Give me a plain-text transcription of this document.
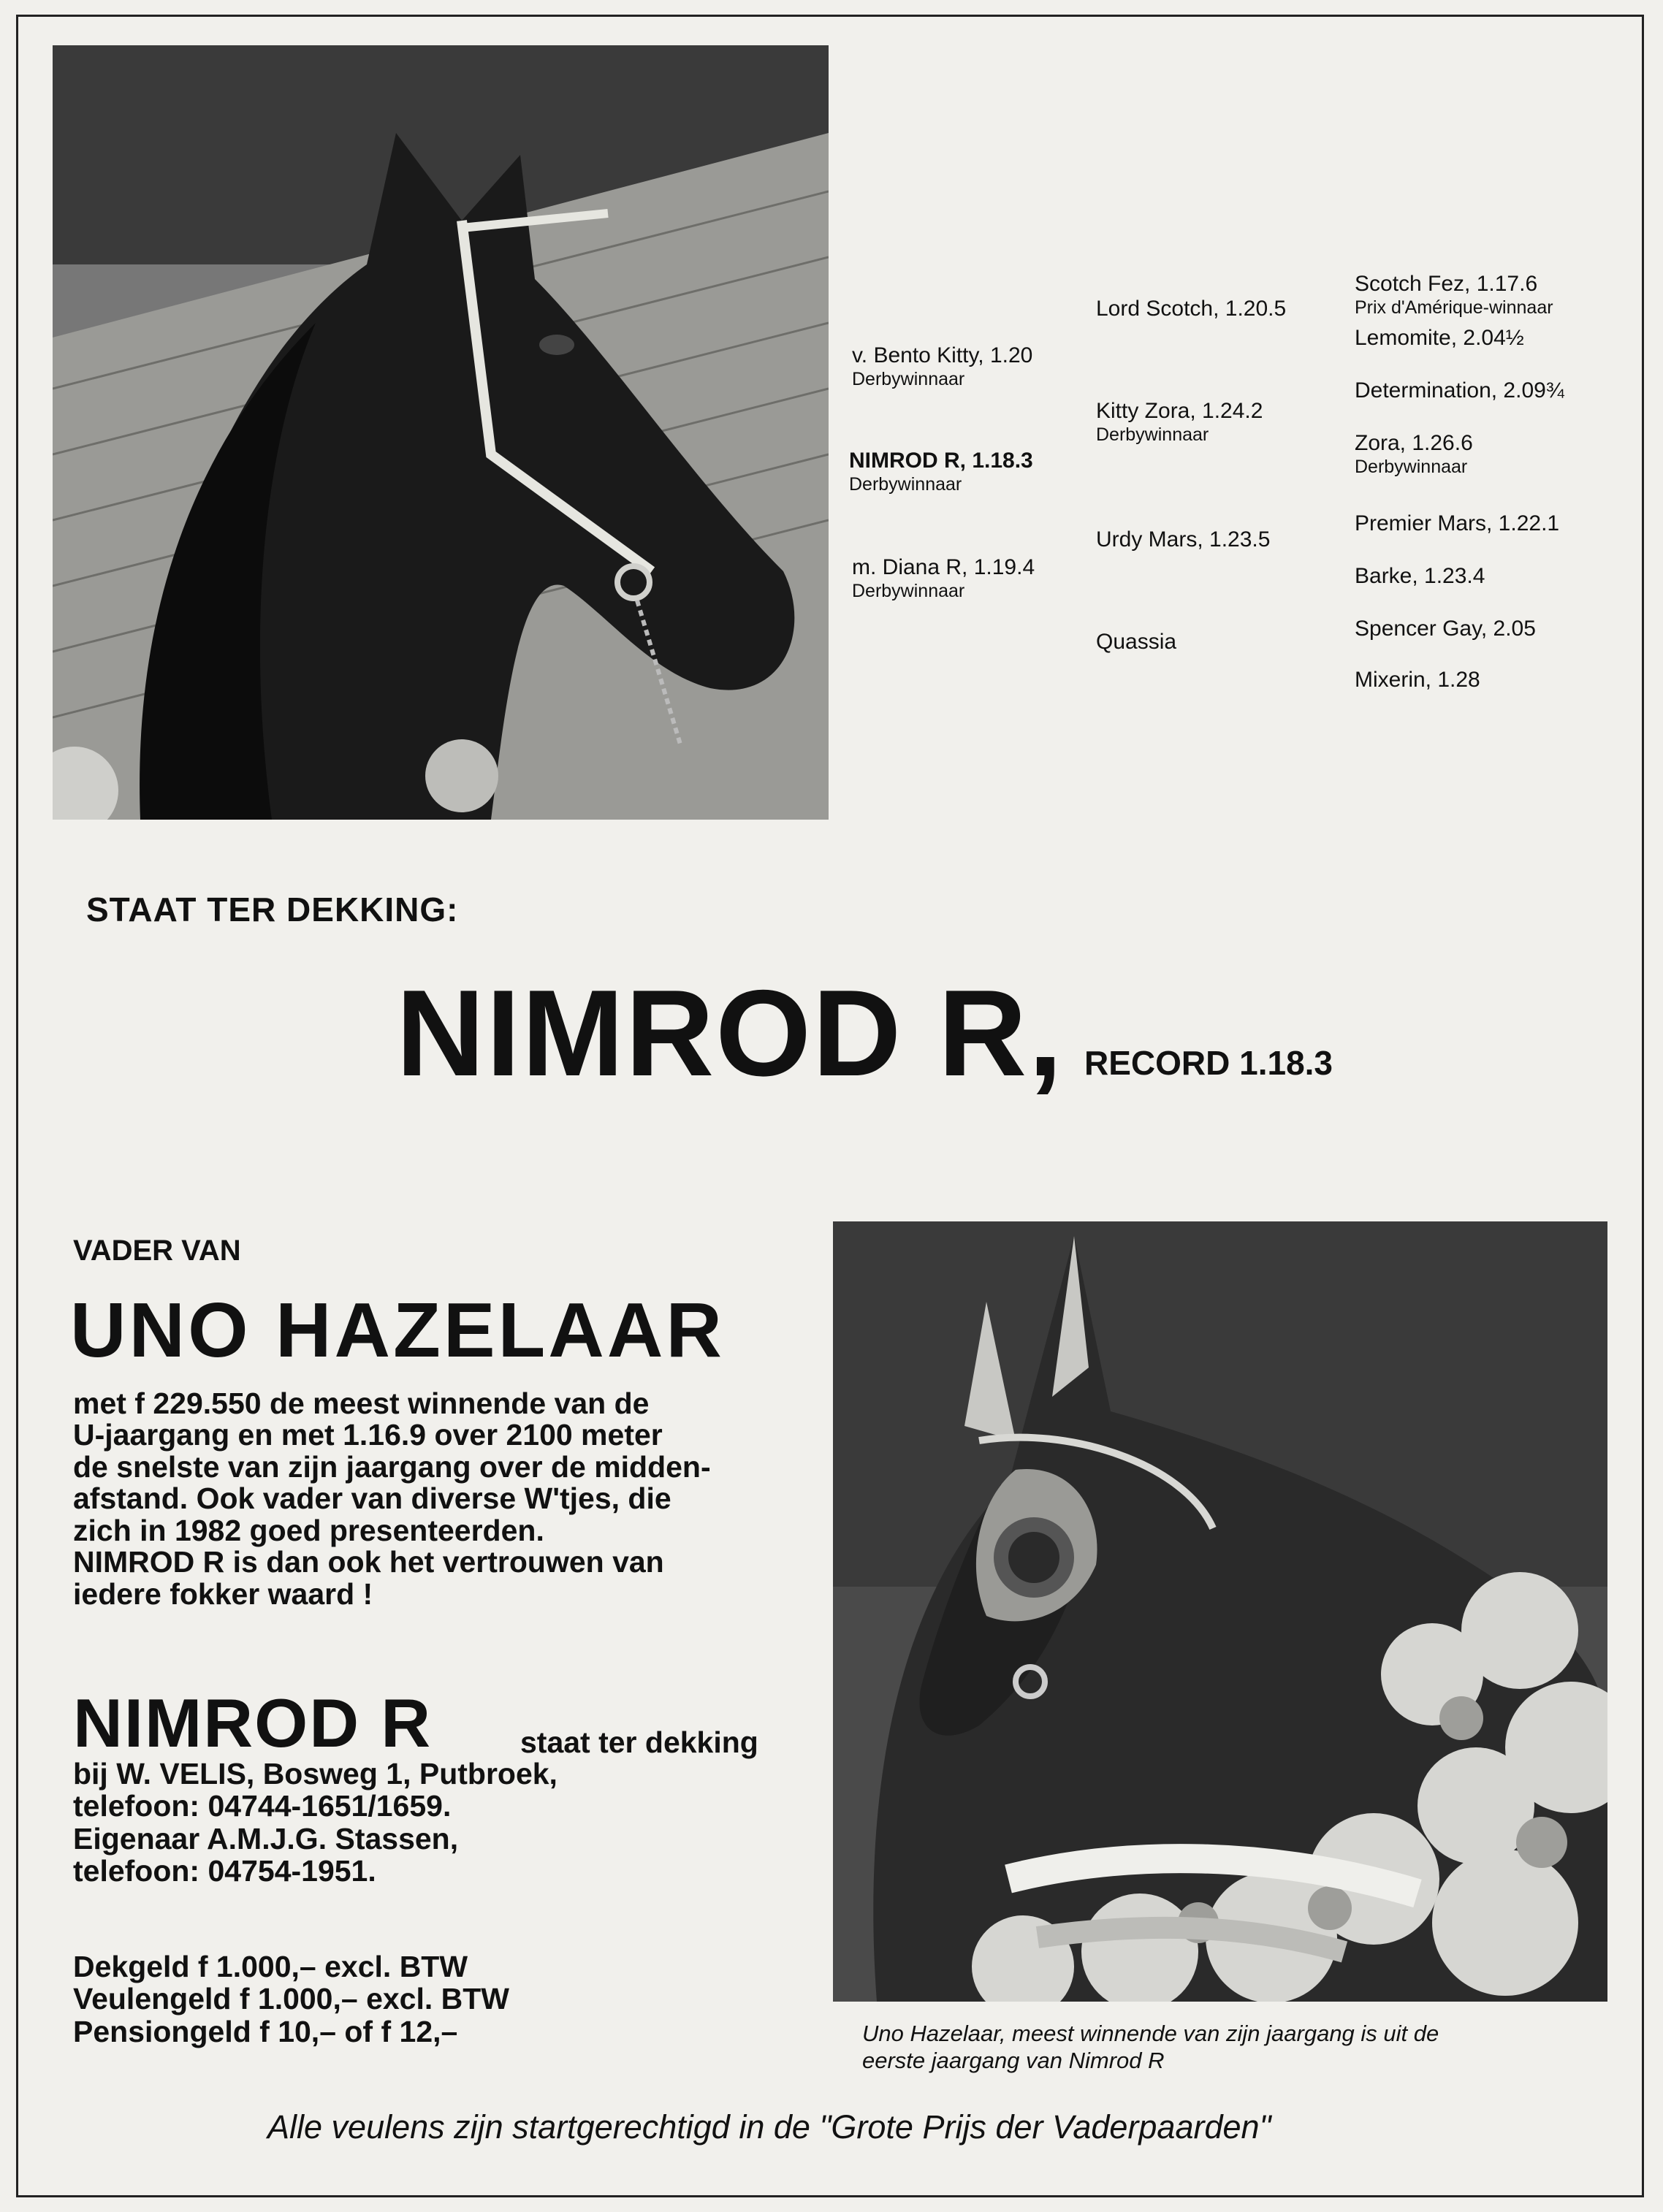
v. Bento Kitty, 1.20
Derbywinnaar
NIMROD R, 1.18.3
Derbywinnaar
m. Diana R, 1.19.4
Derbywinnaar
Lord Scotch, 1.20.5
Kitty Zora, 1.24.2
Derbywinnaar
Urdy Mars, 1.23.5
Quassia
Scotch Fez, 1.17.6
Prix d'Amérique-winnaar
Lemomite, 2.04½
Determination, 2.09¾
Zora, 1.26.6
Derbywinnaar
Premier Mars, 1.22.1
Barke, 1.23.4
Spencer Gay, 2.05
Mixerin, 1.28
STAAT TER DEKKING:
NIMROD R, RECORD 1.18.3
VADER VAN
UNO HAZELAAR
met f 229.550 de meest winnende van de
U-jaargang en met 1.16.9 over 2100 meter
de snelste van zijn jaargang over de midden-
afstand. Ook vader van diverse W'tjes, die
zich in 1982 goed presenteerden.
NIMROD R is dan ook het vertrouwen van
iedere fokker waard !
NIMROD R	staat ter dekking
bij W. VELIS, Bosweg 1, Putbroek,
telefoon: 04744-1651/1659.
Eigenaar A.M.J.G. Stassen,
telefoon: 04754-1951.
Dekgeld f 1.000,– excl. BTW
Veulengeld f 1.000,– excl. BTW
Pensiongeld f 10,– of f 12,–	Uno Hazelaar, meest winnende van zijn jaargang is uit de
eerste jaargang van Nimrod R
Alle veulens zijn startgerechtigd in de "Grote Prijs der Vaderpaarden"
